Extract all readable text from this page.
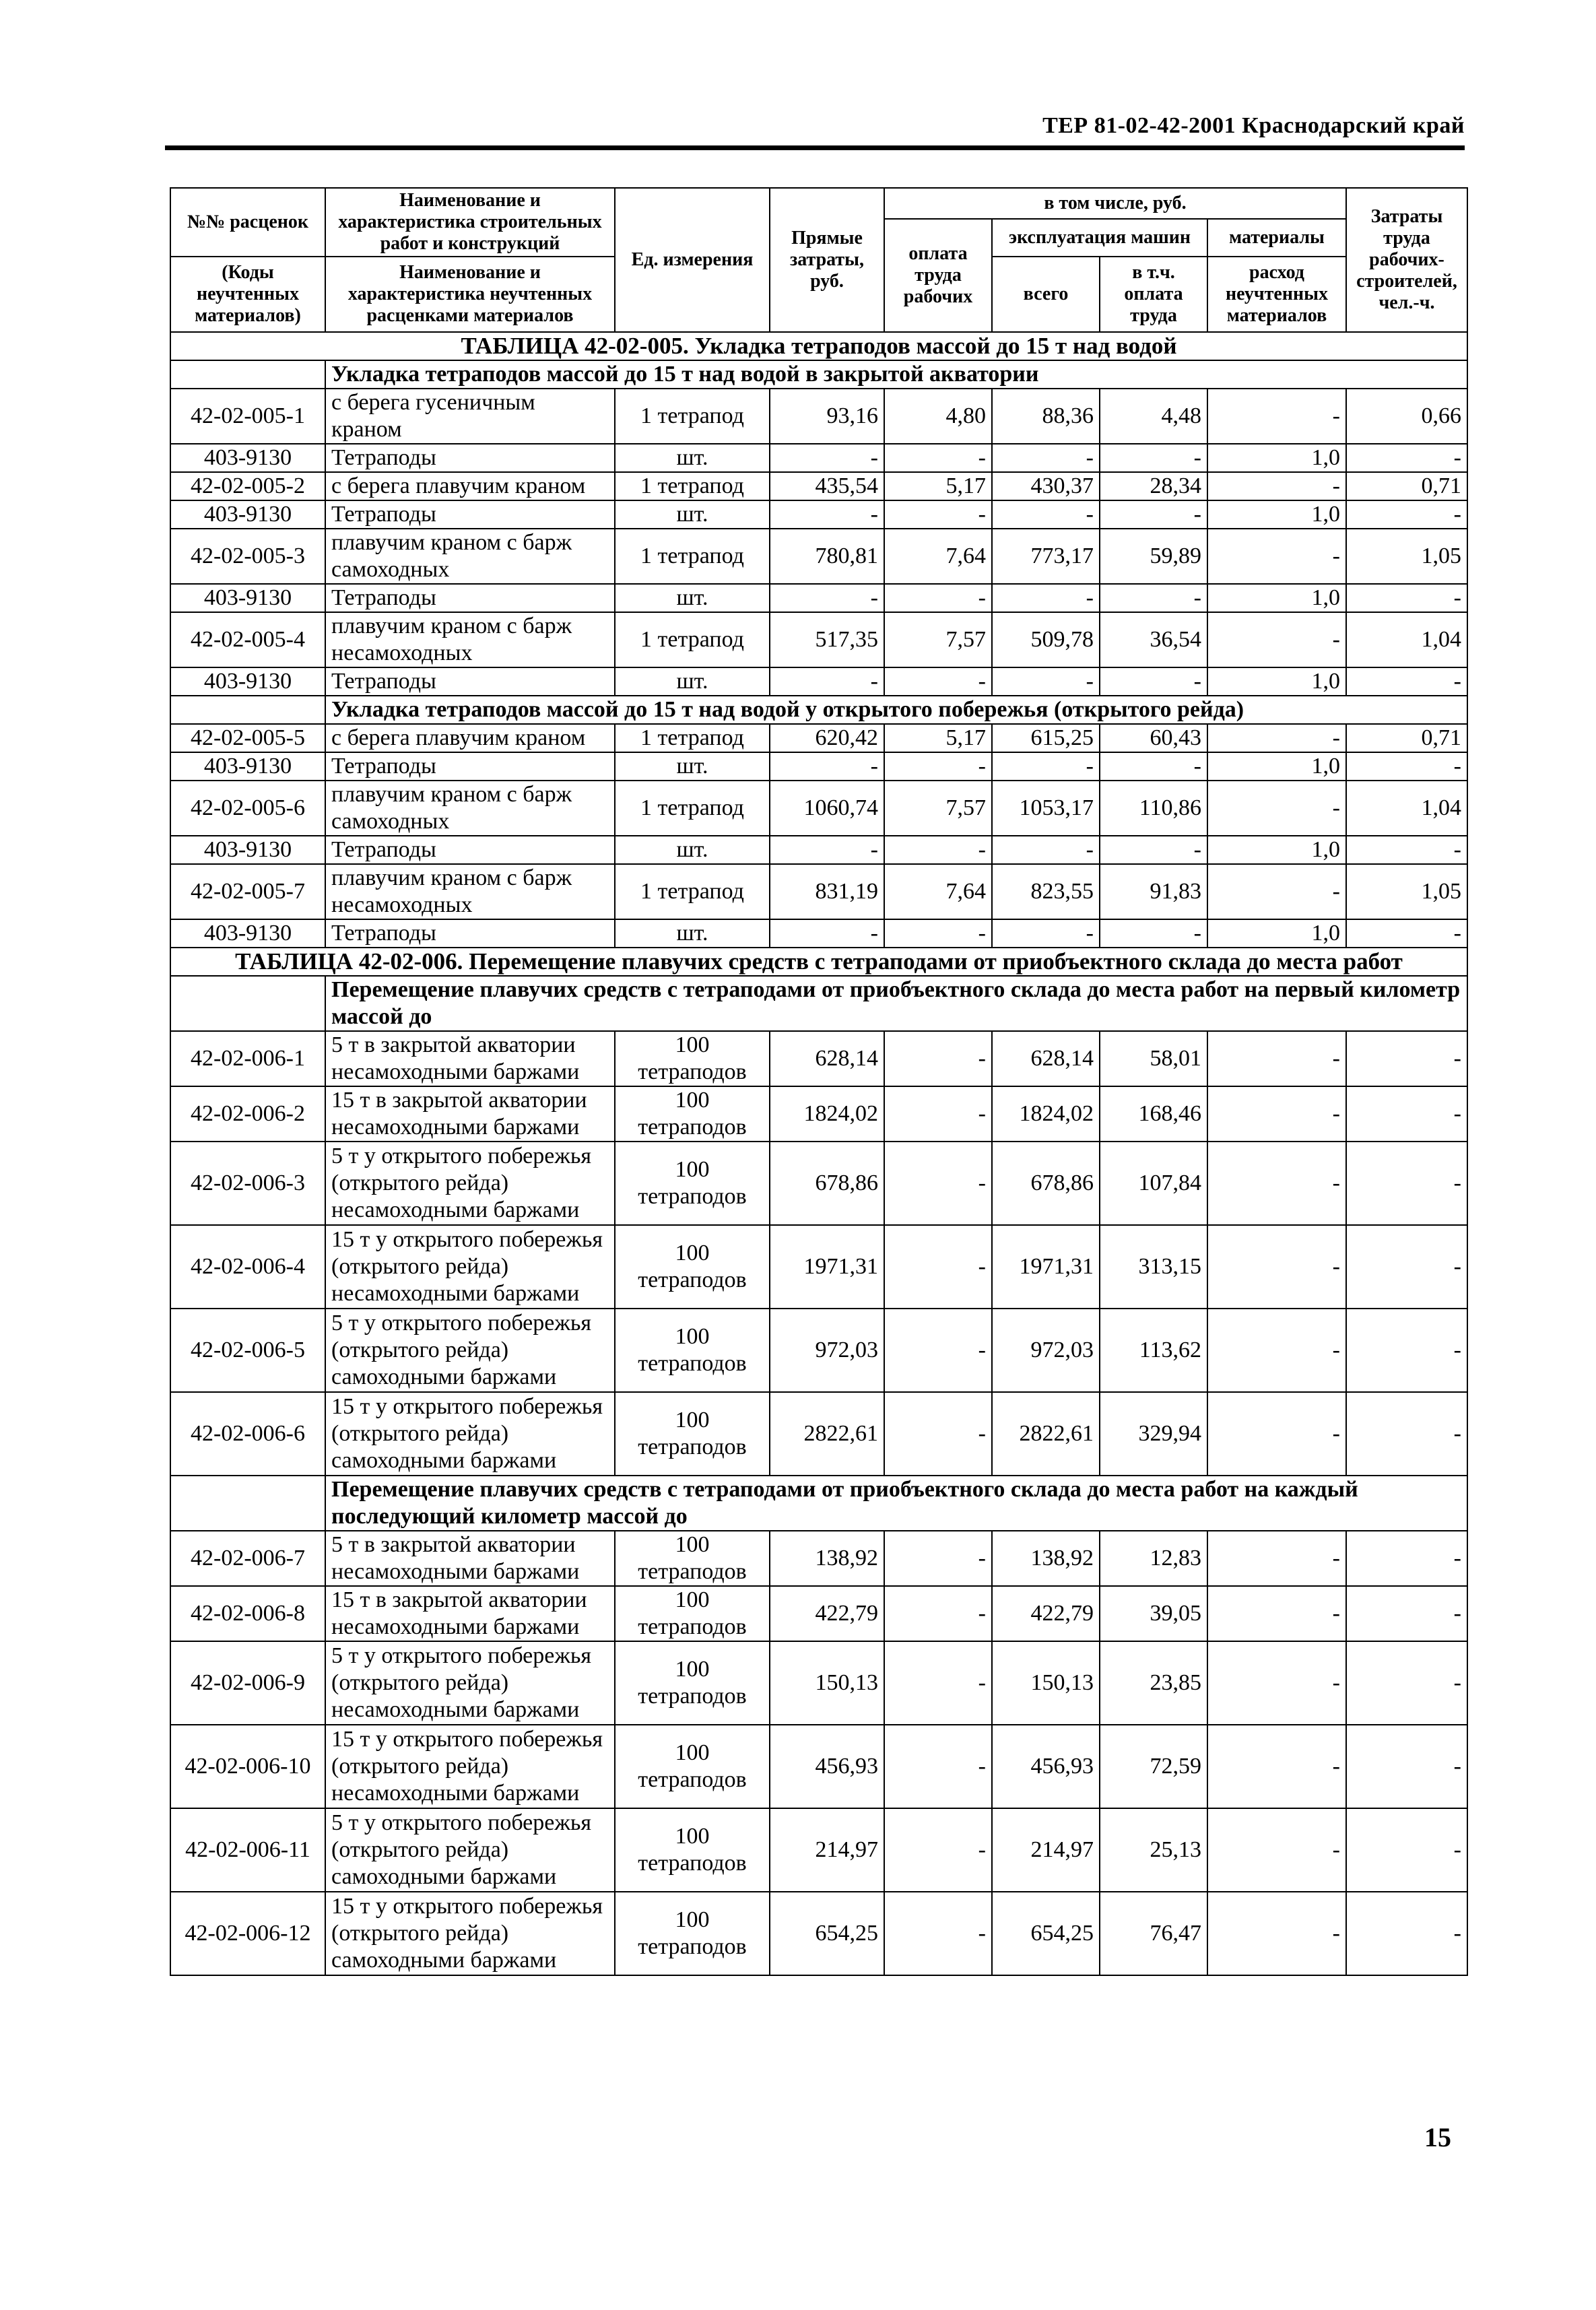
ТЕР 81-02-42-2001 Краснодарский край
№№ расценок	Наименование и характеристика строительных работ и конструкций	Ед. измерения	Прямые затраты, руб.	в том числе, руб.				Затраты труда рабочих-строителей, чел.-ч.
				оплата труда рабочих	эксплуатация машин		материалы	

(Коды неучтенных материалов)	Наименование и характеристика неучтенных расценками материалов				всего	в т.ч. оплата труда	расход неучтенных материалов	

ТАБЛИЦА 42-02-005. Укладка тетраподов массой до 15 т над водой								
	Укладка тетраподов массой до 15 т над водой в закрытой акватории							
42-02-005-1	с берега гусеничным краном	1 тетрапод	93,16	4,80	88,36	4,48	-	0,66
403-9130	Тетраподы	шт.	-	-	-	-	1,0	-
42-02-005-2	с берега плавучим краном	1 тетрапод	435,54	5,17	430,37	28,34	-	0,71
403-9130	Тетраподы	шт.	-	-	-	-	1,0	-
42-02-005-3	плавучим краном с барж самоходных	1 тетрапод	780,81	7,64	773,17	59,89	-	1,05
403-9130	Тетраподы	шт.	-	-	-	-	1,0	-
42-02-005-4	плавучим краном с барж несамоходных	1 тетрапод	517,35	7,57	509,78	36,54	-	1,04
403-9130	Тетраподы	шт.	-	-	-	-	1,0	-
	Укладка тетраподов массой до 15 т над водой у открытого побережья (открытого рейда)							
42-02-005-5	с берега плавучим краном	1 тетрапод	620,42	5,17	615,25	60,43	-	0,71
403-9130	Тетраподы	шт.	-	-	-	-	1,0	-
42-02-005-6	плавучим краном с барж самоходных	1 тетрапод	1060,74	7,57	1053,17	110,86	-	1,04
403-9130	Тетраподы	шт.	-	-	-	-	1,0	-
42-02-005-7	плавучим краном с барж несамоходных	1 тетрапод	831,19	7,64	823,55	91,83	-	1,05
403-9130	Тетраподы	шт.	-	-	-	-	1,0	-
ТАБЛИЦА 42-02-006. Перемещение плавучих средств с тетраподами от приобъектного склада до места работ								
	Перемещение плавучих средств с тетраподами от приобъектного склада до места работ на первый километр массой до							
42-02-006-1	5 т в закрытой акватории несамоходными баржами	100 тетраподов	628,14	-	628,14	58,01	-	-
42-02-006-2	15 т в закрытой акватории несамоходными баржами	100 тетраподов	1824,02	-	1824,02	168,46	-	-
42-02-006-3	5 т у открытого побережья (открытого рейда) несамоходными баржами	100 тетраподов	678,86	-	678,86	107,84	-	-
42-02-006-4	15 т у открытого побережья (открытого рейда) несамоходными баржами	100 тетраподов	1971,31	-	1971,31	313,15	-	-
42-02-006-5	5 т у открытого побережья (открытого рейда) самоходными баржами	100 тетраподов	972,03	-	972,03	113,62	-	-
42-02-006-6	15 т у открытого побережья (открытого рейда) самоходными баржами	100 тетраподов	2822,61	-	2822,61	329,94	-	-
	Перемещение плавучих средств с тетраподами от приобъектного склада до места работ на каждый последующий километр массой до							
42-02-006-7	5 т в закрытой акватории несамоходными баржами	100 тетраподов	138,92	-	138,92	12,83	-	-
42-02-006-8	15 т в закрытой акватории несамоходными баржами	100 тетраподов	422,79	-	422,79	39,05	-	-
42-02-006-9	5 т у открытого побережья (открытого рейда) несамоходными баржами	100 тетраподов	150,13	-	150,13	23,85	-	-
42-02-006-10	15 т у открытого побережья (открытого рейда) несамоходными баржами	100 тетраподов	456,93	-	456,93	72,59	-	-
42-02-006-11	5 т у открытого побережья (открытого рейда) самоходными баржами	100 тетраподов	214,97	-	214,97	25,13	-	-
42-02-006-12	15 т у открытого побережья (открытого рейда) самоходными баржами	100 тетраподов	654,25	-	654,25	76,47	-	-
15
